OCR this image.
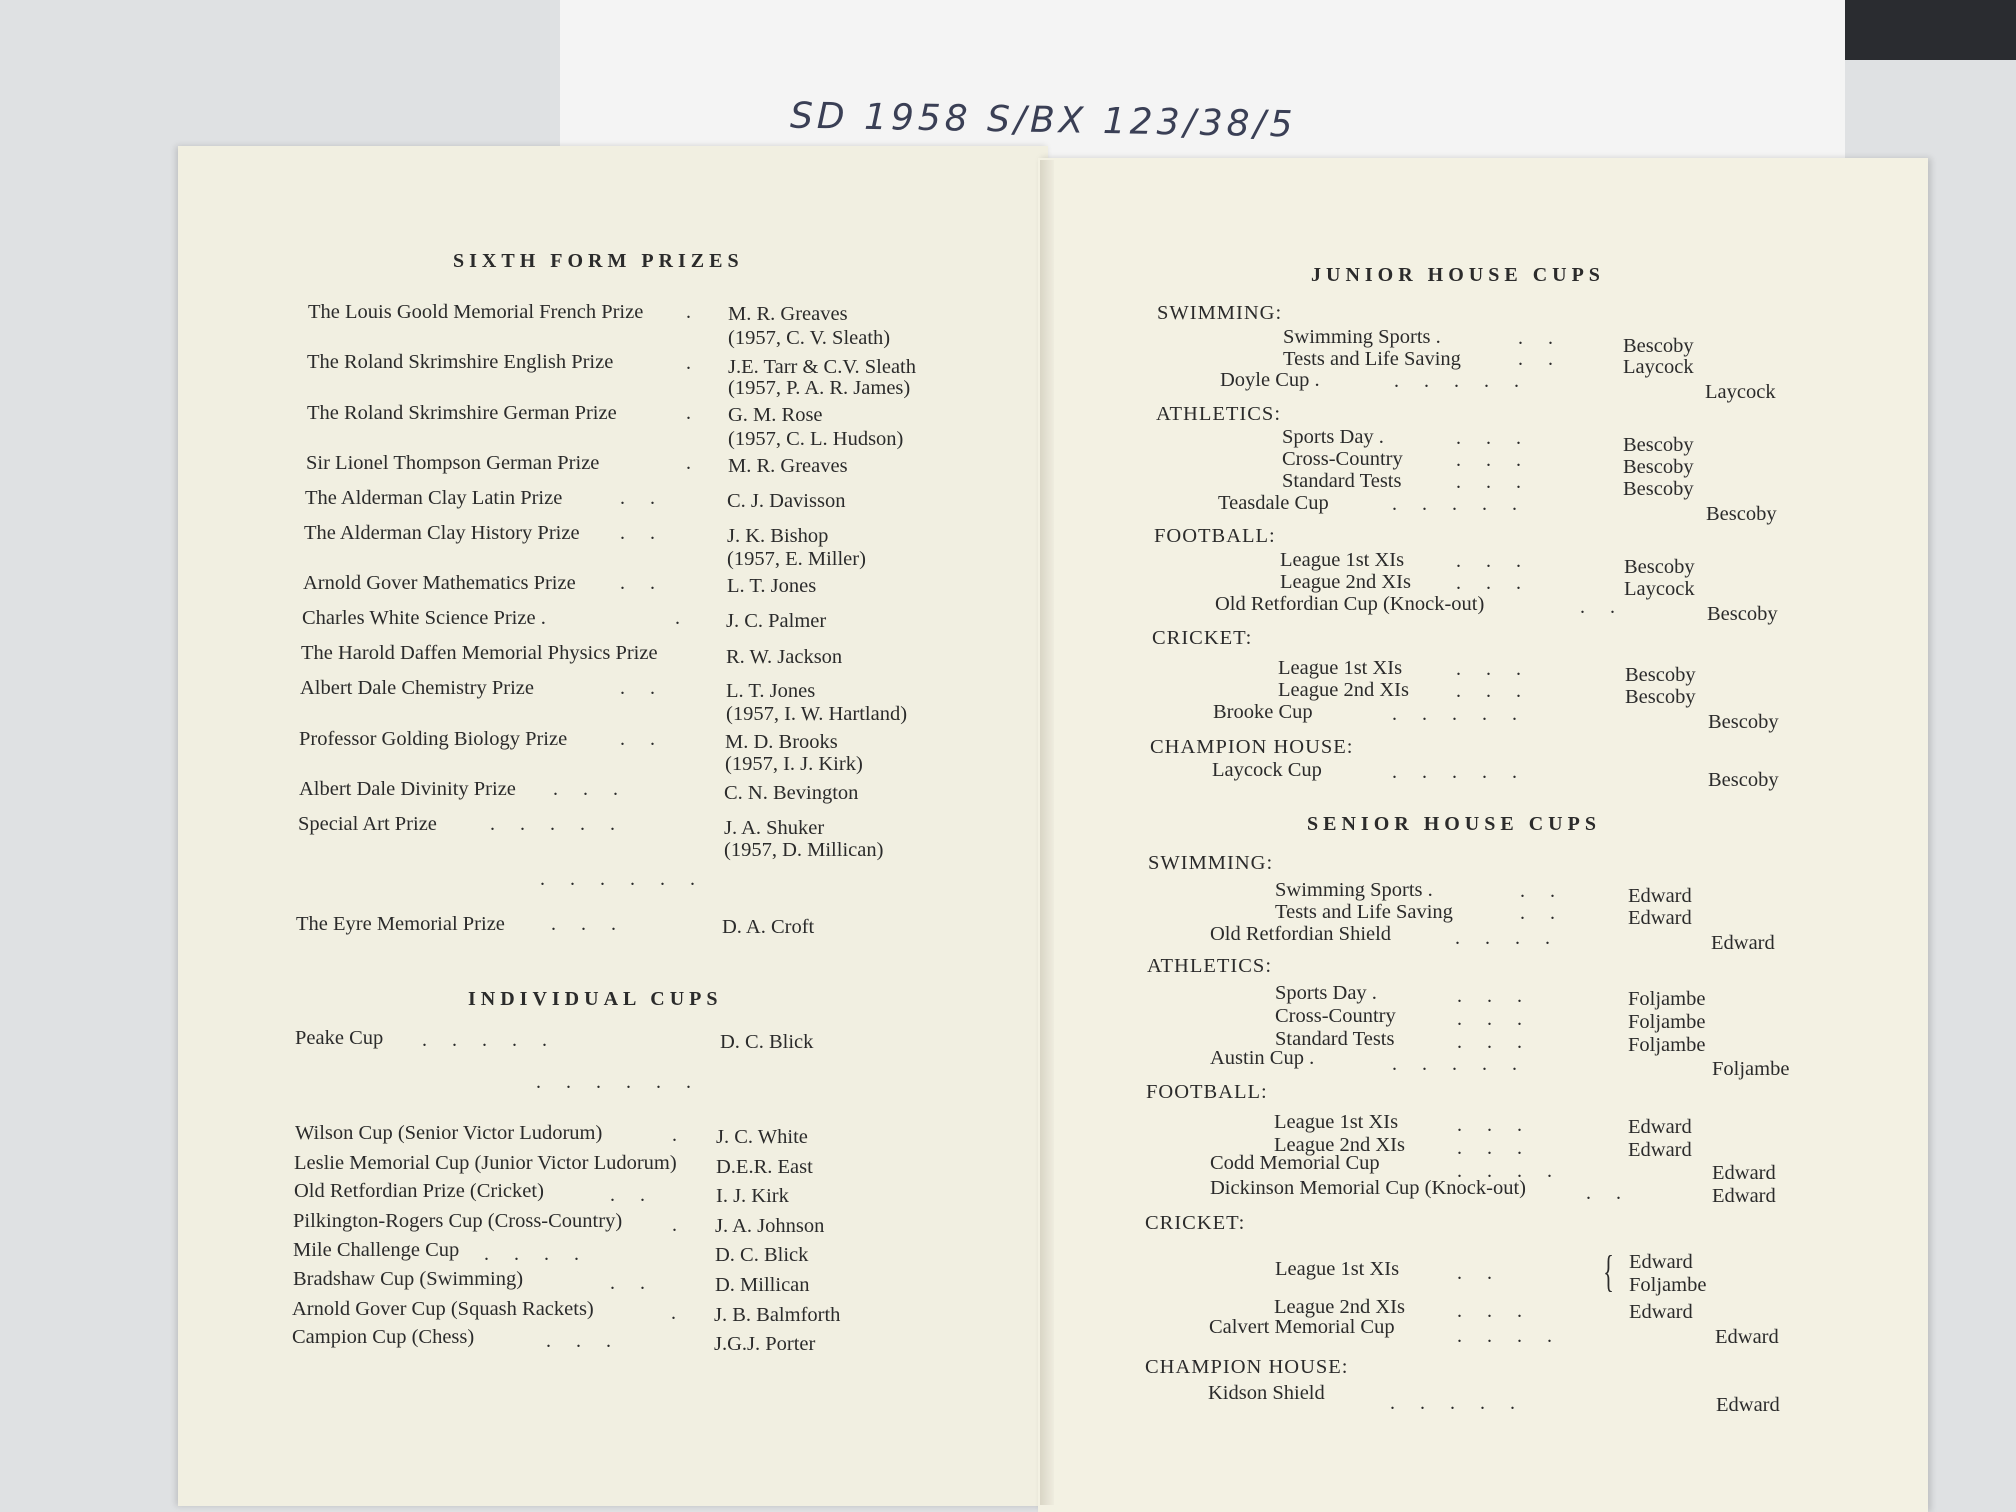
SD 1958 S/BX 123/38/5
SIXTH FORM PRIZES
The Louis Goold Memorial French Prize . M. R. Greaves
(1957, C. V. Sleath)
The Roland Skrimshire English Prize	. J.E. Tarr & C.V. Sleath
(1957, P. A. R. James)
The Roland Skrimshire German Prize	. G. M. Rose
(1957, C. L. Hudson)
Sir Lionel Thompson German Prize	. M. R. Greaves
The Alderman Clay Latin Prize	.     .	C. J. Davisson
The Alderman Clay History Prize .     .	J. K. Bishop
(1957, E. Miller)
Arnold Gover Mathematics Prize .     .	L. T. Jones
Charles White Science Prize .	. J. C. Palmer
The Harold Daffen Memorial Physics Prize	R. W. Jackson
Albert Dale Chemistry Prize	.     .	L. T. Jones
(1957, I. W. Hartland)
Professor Golding Biology Prize	.     .	M. D. Brooks
(1957, I. J. Kirk)
Albert Dale Divinity Prize .     .     .	C. N. Bevington
Special Art Prize	.     .     .     .     .	J. A. Shuker
(1957, D. Millican)
. . . . . .
The Eyre Memorial Prize .     .     .	D. A. Croft
INDIVIDUAL CUPS
Peake Cup .     .     .     .     .	D. C. Blick
. . . . . .
Wilson Cup (Senior Victor Ludorum)	. J. C. White
Leslie Memorial Cup (Junior Victor Ludorum) D.E.R. East
Old Retfordian Prize (Cricket)	.     .	I. J. Kirk
Pilkington-Rogers Cup (Cross-Country) . J. A. Johnson
Mile Challenge Cup .     .     .     .	D. C. Blick
Bradshaw Cup (Swimming)	.     .	D. Millican
Arnold Gover Cup (Squash Rackets)	. J. B. Balmforth
Campion Cup (Chess)	.     .     .	J.G.J. Porter
JUNIOR HOUSE CUPS
SWIMMING:
Swimming Sports .	.     .	Bescoby
Tests and Life Saving	.     .	Laycock
Doyle Cup .	.     .     .     .     .	Laycock
ATHLETICS:
Sports Day .	.     .     .	Bescoby
Cross-Country	.     .     .	Bescoby
Standard Tests	.     .     .	Bescoby
Teasdale Cup	.     .     .     .     .	Bescoby
FOOTBALL:
League 1st XIs	.     .     .	Bescoby
League 2nd XIs .     .     .	Laycock
Old Retfordian Cup (Knock-out)	.     .	Bescoby
CRICKET:
League 1st XIs	.     .     .	Bescoby
League 2nd XIs .     .     .	Bescoby
Brooke Cup	.     .     .     .     .	Bescoby
CHAMPION HOUSE:
Laycock Cup	.     .     .     .     .	Bescoby
SENIOR HOUSE CUPS
SWIMMING:
Swimming Sports .	.     .	Edward
Tests and Life Saving	.     .	Edward
Old Retfordian Shield	.     .     .     .	Edward
ATHLETICS:
Sports Day .	.     .     .	Foljambe
Cross-Country	.     .     .	Foljambe
Standard Tests	.     .     .	Foljambe
Austin Cup .	.     .     .     .     .	Foljambe
FOOTBALL:
League 1st XIs	.     .     .	Edward
League 2nd XIs	.     .     .	Edward
Codd Memorial Cup	.     .     .     .	Edward
Dickinson Memorial Cup (Knock-out)	.     .	Edward
CRICKET:
League 1st XIs	.     .	{ Edward
Foljambe
League 2nd XIs	.     .     .	Edward
Calvert Memorial Cup	.     .     .     .	Edward
CHAMPION HOUSE:
Kidson Shield	.     .     .     .     .	Edward
